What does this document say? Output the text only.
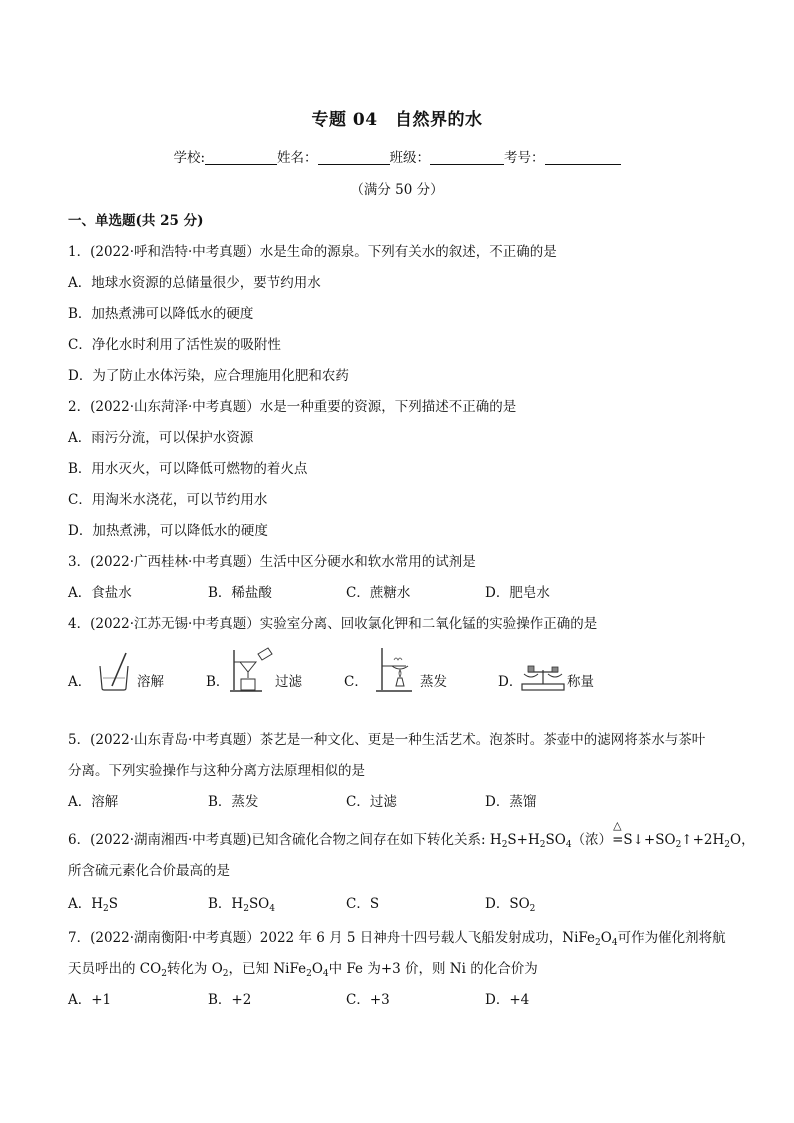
专题 04　自然界的水
学校:	姓名：	班级：	考号：
（满分 50 分）
一、单选题(共 25 分)
1．(2022·呼和浩特·中考真题）水是生命的源泉。下列有关水的叙述，不正确的是
A．地球水资源的总储量很少，要节约用水
B．加热煮沸可以降低水的硬度
C．净化水时利用了活性炭的吸附性
D．为了防止水体污染，应合理施用化肥和农药
2．(2022·山东菏泽·中考真题）水是一种重要的资源，下列描述不正确的是
A．雨污分流，可以保护水资源
B．用水灭火，可以降低可燃物的着火点
C．用淘米水浇花，可以节约用水
D．加热煮沸，可以降低水的硬度
3．(2022·广西桂林·中考真题）生活中区分硬水和软水常用的试剂是
A．食盐水	B．稀盐酸	C．蔗糖水	D．肥皂水
4．(2022·江苏无锡·中考真题）实验室分离、回收氯化钾和二氧化锰的实验操作正确的是
A．	溶解	B．	过滤	C．	蒸发	D．	称量
5．(2022·山东青岛·中考真题）茶艺是一种文化、更是一种生活艺术。泡茶时。茶壶中的滤网将茶水与茶叶
分离。下列实验操作与这种分离方法原理相似的是
A．溶解	B．蒸发	C．过滤	D．蒸馏
6．(2022·湖南湘西·中考真题)已知含硫化合物之间存在如下转化关系: $H_2S+H_2SO_4$（浓）
△
$=S↓+SO_2↑+2H_2O$，
所含硫元素化合价最高的是
A．$H_2S$	B．$H_2SO_4$	C．S	D．$SO_2$
7．(2022·湖南衡阳·中考真题）2022 年 6 月 5 日神舟十四号载人飞船发射成功，$NiFe_2O_4$可作为催化剂将航
天员呼出的 $CO_2$转化为 $O_2$，已知 $NiFe_2O_4$中 Fe 为+3 价，则 Ni 的化合价为
A．+1	B．+2	C．+3	D．+4
